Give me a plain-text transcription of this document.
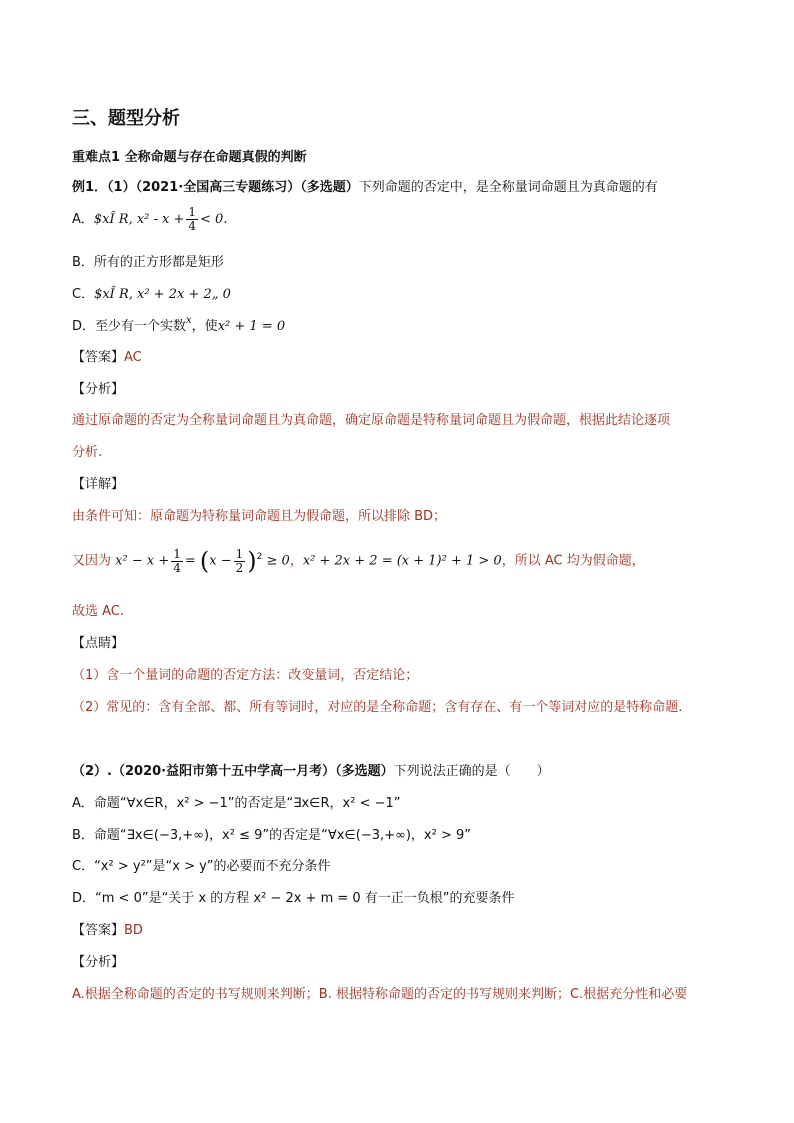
三、题型分析
重难点1 全称命题与存在命题真假的判断
例1．（1）（2021·全国高三专题练习）（多选题）下列命题的否定中，是全称量词命题且为真命题的有
A．$xÎ R, $x^2 - x + \frac{1}{4} < 0$.
B．所有的正方形都是矩形
C．$xÎ R, x² + 2x + 2„ 0
D．至少有一个实数$^x$，使x² + 1 = 0
【答案】AC
【分析】
通过原命题的否定为全称量词命题且为真命题，确定原命题是特称量词命题且为假命题，根据此结论逐项
分析.
【详解】
由条件可知：原命题为特称量词命题且为假命题，所以排除 BD；
又因为 $x^2 - x + \frac{1}{4} = (x - \frac{1}{2} )^2 \ge 0$，x² + 2x + 2 = (x + 1)² + 1 > 0，所以 AC 均为假命题，
故选 AC.
【点睛】
（1）含一个量词的命题的否定方法：改变量词，否定结论；
（2）常见的：含有全部、都、所有等词时，对应的是全称命题；含有存在、有一个等词对应的是特称命题.
（2）.（2020·益阳市第十五中学高一月考）（多选题）下列说法正确的是（　　）
A．命题“∀x∈R，x² > −1”的否定是“∃x∈R，x² < −1”
B．命题“∃x∈(−3,+∞)，x² ≤ 9”的否定是“∀x∈(−3,+∞)，x² > 9”
C．“x² > y²”是“x > y”的必要而不充分条件
D．“m < 0”是“关于 x 的方程 x² − 2x + m = 0 有一正一负根”的充要条件
【答案】BD
【分析】
A.根据全称命题的否定的书写规则来判断；B. 根据特称命题的否定的书写规则来判断；C.根据充分性和必要
